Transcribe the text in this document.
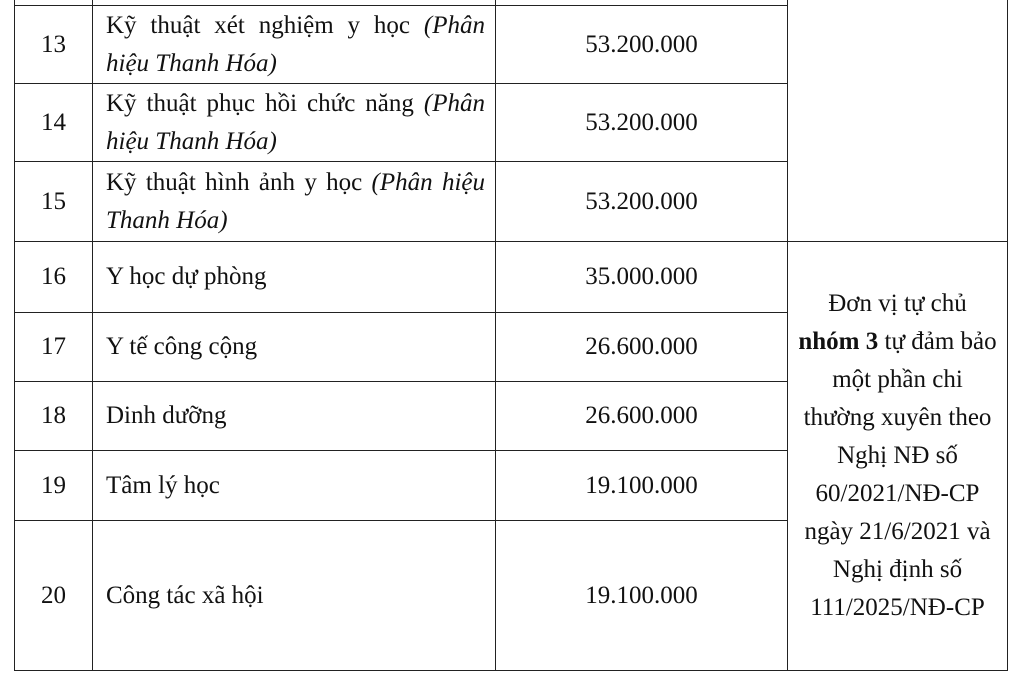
13	Kỹ thuật xét nghiệm y học (Phân hiệu Thanh Hóa)	53.200.000	
14	Kỹ thuật phục hồi chức năng (Phân hiệu Thanh Hóa)	53.200.000	
15	Kỹ thuật hình ảnh y học (Phân hiệu Thanh Hóa)	53.200.000	
16	Y học dự phòng	35.000.000	Đơn vị tự chủ nhóm 3 tự đảm bảo một phần chi thường xuyên theo Nghị NĐ số 60/2021/NĐ-CP ngày 21/6/2021 và Nghị định số 111/2025/NĐ-CP
17	Y tế công cộng	26.600.000	
18	Dinh dưỡng	26.600.000	
19	Tâm lý học	19.100.000	
20	Công tác xã hội	19.100.000	
